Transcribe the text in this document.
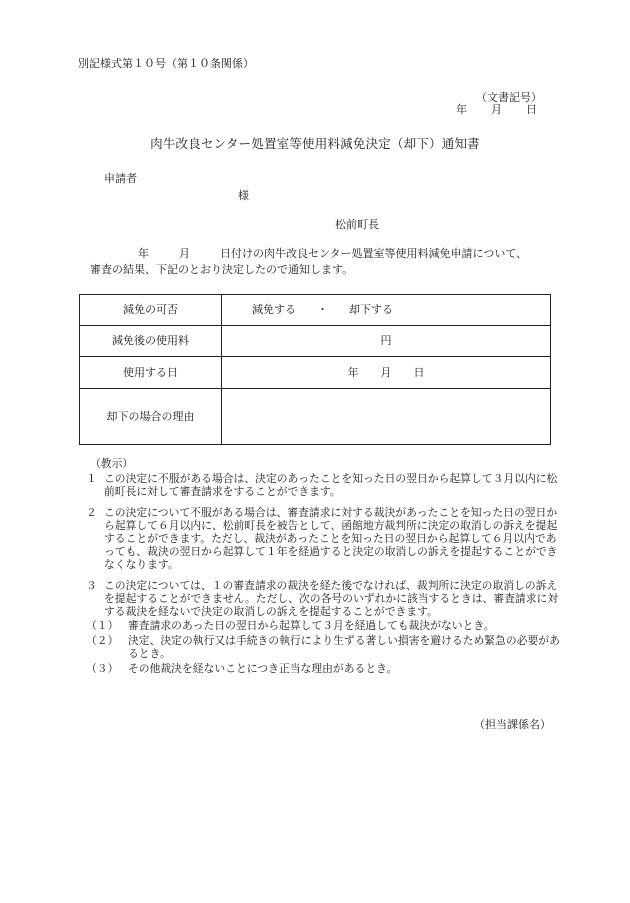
別記様式第１０号（第１０条関係）
（文書記号）
年 月 日
肉牛改良センター処置室等使用料減免決定（却下）通知書
申請者
様
松前町長
年	月	日付けの肉牛改良センター処置室等使用料減免申請について、
審査の結果、下記のとおり決定したので通知します。
減免の可否	減免する ・ 却下する
減免後の使用料	円
使用する日	年 月 日
却下の場合の理由	
（教示）
１ この決定に不服がある場合は、決定のあったことを知った日の翌日から起算して３月以内に松前町長に対して審査請求をすることができます。
２ この決定について不服がある場合は、審査請求に対する裁決があったことを知った日の翌日から起算して６月以内に、松前町長を被告として、函館地方裁判所に決定の取消しの訴えを提起することができます。ただし、裁決があったことを知った日の翌日から起算して６月以内であっても、裁決の翌日から起算して１年を経過すると決定の取消しの訴えを提起することができなくなります。
３ この決定については、１の審査請求の裁決を経た後でなければ、裁判所に決定の取消しの訴えを提起することができません。ただし、次の各号のいずれかに該当するときは、審査請求に対する裁決を経ないで決定の取消しの訴えを提起することができます。
（１） 審査請求のあった日の翌日から起算して３月を経過しても裁決がないとき。
（２） 決定、決定の執行又は手続きの執行により生ずる著しい損害を避けるため緊急の必要があるとき。
（３） その他裁決を経ないことにつき正当な理由があるとき。
（担当課係名）
